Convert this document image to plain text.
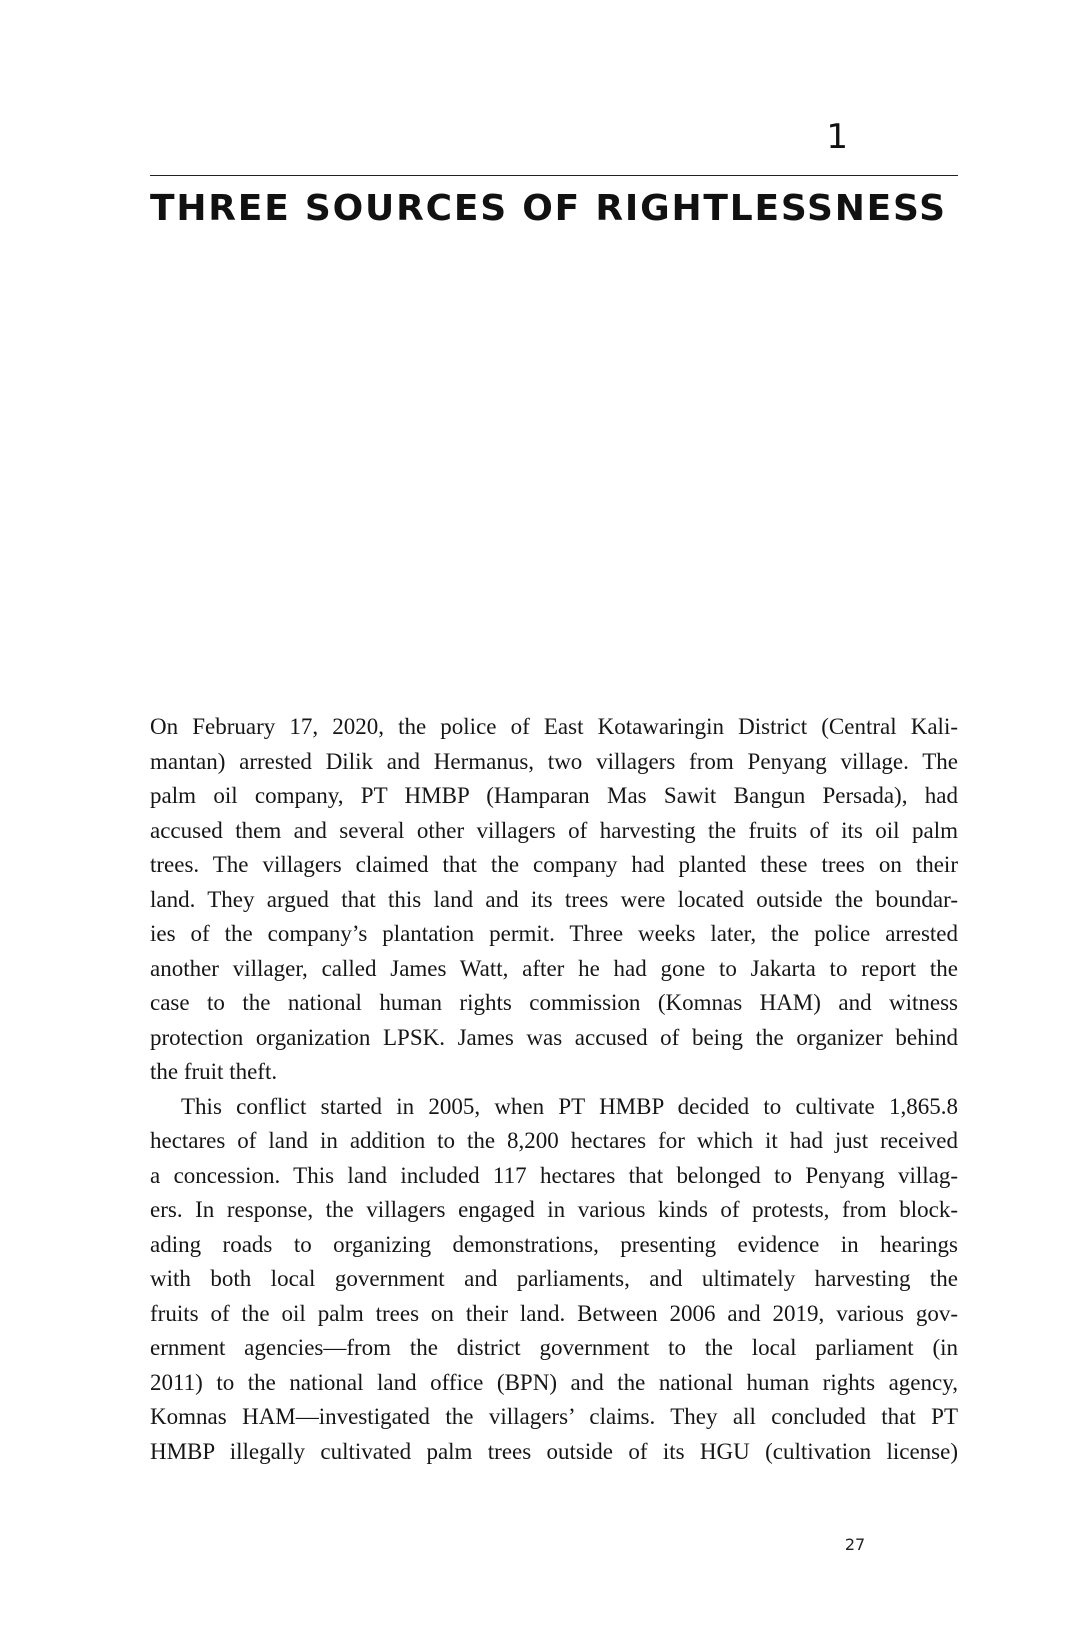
1
THREE SOURCES OF RIGHTLESSNESS
On February 17, 2020, the police of East Kotawaringin District (Central Kali-
mantan) arrested Dilik and Hermanus, two villagers from Penyang village. The
palm oil company, PT HMBP (Hamparan Mas Sawit Bangun Persada), had
accused them and several other villagers of harvesting the fruits of its oil palm
trees. The villagers claimed that the company had planted these trees on their
land. They argued that this land and its trees were located outside the boundar-
ies of the company’s plantation permit. Three weeks later, the police arrested
another villager, called James Watt, after he had gone to Jakarta to report the
case to the national human rights commission (Komnas HAM) and witness
protection organization LPSK. James was accused of being the organizer behind
the fruit theft.
This conflict started in 2005, when PT HMBP decided to cultivate 1,865.8
hectares of land in addition to the 8,200 hectares for which it had just received
a concession. This land included 117 hectares that belonged to Penyang villag-
ers. In response, the villagers engaged in various kinds of protests, from block-
ading roads to organizing demonstrations, presenting evidence in hearings
with both local government and parliaments, and ultimately harvesting the
fruits of the oil palm trees on their land. Between 2006 and 2019, various gov-
ernment agencies—from the district government to the local parliament (in
2011) to the national land office (BPN) and the national human rights agency,
Komnas HAM—investigated the villagers’ claims. They all concluded that PT
HMBP illegally cultivated palm trees outside of its HGU (cultivation license)
27
